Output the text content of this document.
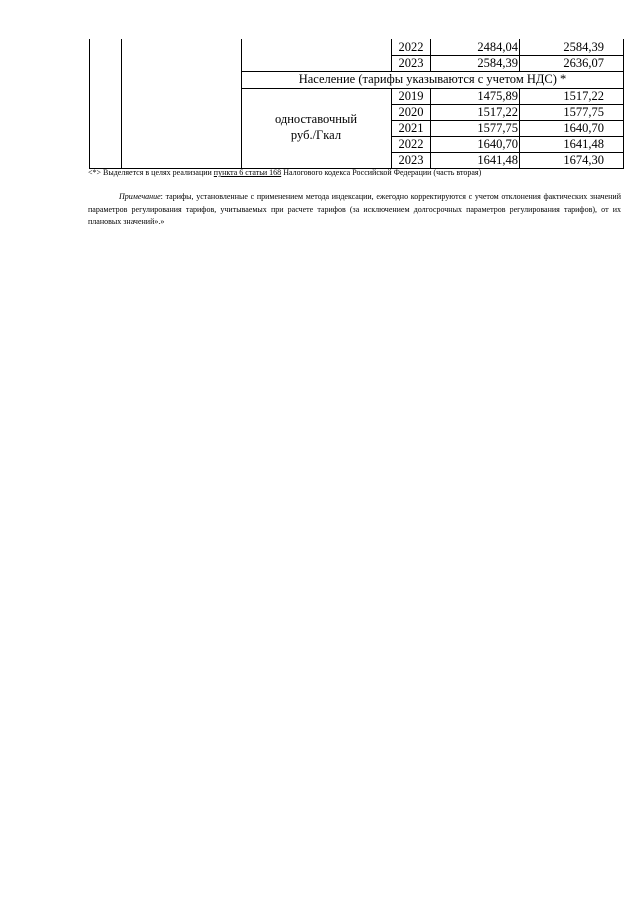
2022	2484,04	2584,39
2023	2584,39	2636,07
Население (тарифы указываются с учетом НДС) *
одноставочный
руб./Гкал
2019	1475,89	1517,22
2020	1517,22	1577,75
2021	1577,75	1640,70
2022	1640,70	1641,48
2023	1641,48	1674,30
<*> Выделяется в целях реализации пункта 6 статьи 168 Налогового кодекса Российской Федерации (часть вторая)
Примечание: тарифы, установленные с применением метода индексации, ежегодно корректируются с учетом отклонения фактических значений параметров регулирования тарифов, учитываемых при расчете тарифов (за исключением долгосрочных параметров регулирования тарифов), от их плановых значений».»
